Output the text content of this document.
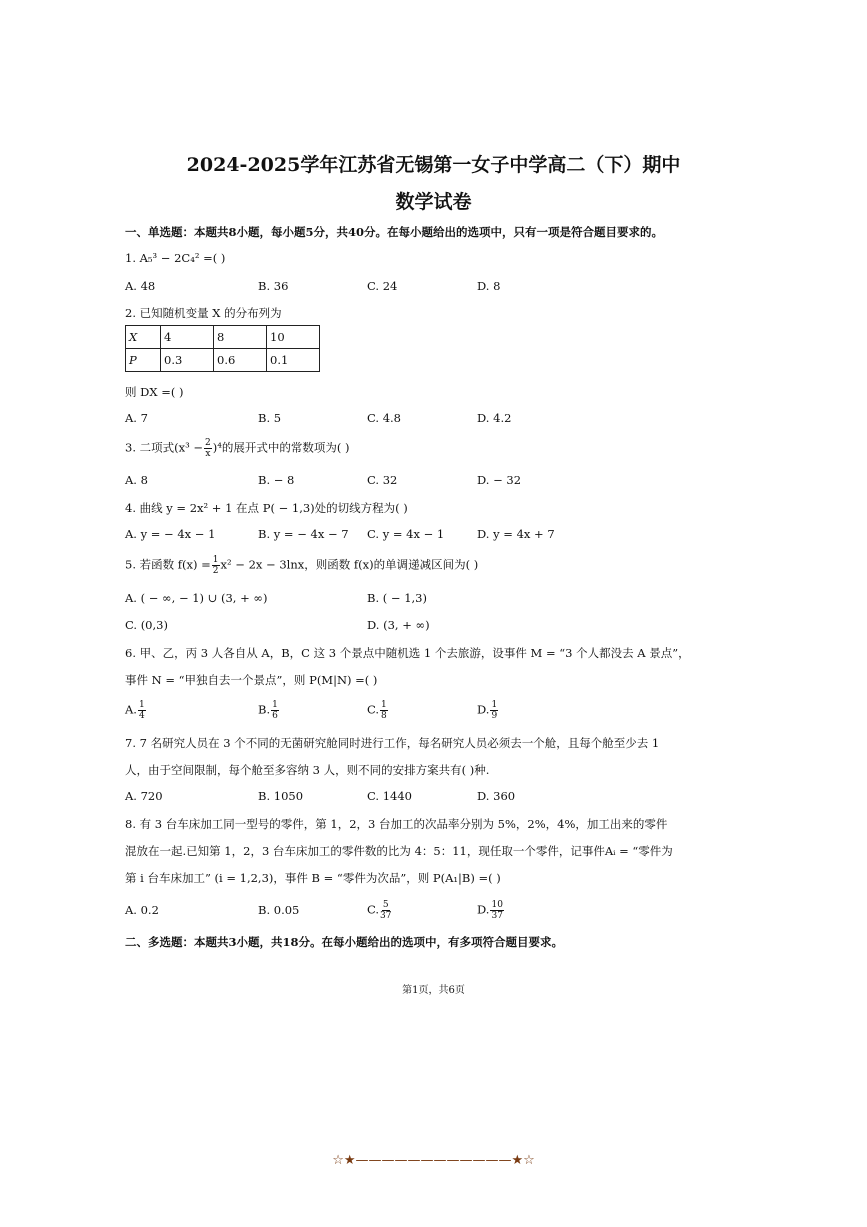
2024-2025学年江苏省无锡第一女子中学高二（下）期中
数学试卷
一、单选题：本题共8小题，每小题5分，共40分。在每小题给出的选项中，只有一项是符合题目要求的。
1. A₅³ − 2C₄² =( )
A. 48	B. 36	C. 24	D. 8
2. 已知随机变量 X 的分布列为
X	4	8	10
P	0.3	0.6	0.1
则 DX =( )
A. 7	B. 5	C. 4.8	D. 4.2
3. 二项式$(x^3 - \frac{2}{x} )^4$的展开式中的常数项为( )
A. 8	B. − 8	C. 32	D. − 32
4. 曲线 y = 2x² + 1 在点 P( − 1,3)处的切线方程为( )
A. y = − 4x − 1	B. y = − 4x − 7 C. y = 4x − 1	D. y = 4x + 7
5. 若函数 $f(x) = \frac{1}{2} x^2 - 2x - 3\ln x$，则函数 f(x)的单调递减区间为( )
A. ( − ∞, − 1) ∪ (3, + ∞)	B. ( − 1,3)
C. (0,3)	D. (3, + ∞)
6. 甲、乙，丙 3 人各自从 A，B，C 这 3 个景点中随机选 1 个去旅游，设事件 M = “3 个人都没去 A 景点”，
事件 N = “甲独自去一个景点”，则 P(M|N) =( )
A. $\frac{1}{4}$	B. $\frac{1}{6}$	C. $\frac{1}{8}$	D. $\frac{1}{9}$
7. 7 名研究人员在 3 个不同的无菌研究舱同时进行工作，每名研究人员必须去一个舱，且每个舱至少去 1
人，由于空间限制，每个舱至多容纳 3 人，则不同的安排方案共有( )种.
A. 720	B. 1050	C. 1440	D. 360
8. 有 3 台车床加工同一型号的零件，第 1，2，3 台加工的次品率分别为 5%，2%，4%，加工出来的零件
混放在一起.已知第 1，2，3 台车床加工的零件数的比为 4：5：11，现任取一个零件，记事件Aᵢ = “零件为
第 i 台车床加工” (i = 1,2,3)，事件 B = “零件为次品”，则 P(A₁|B) =( )
A. 0.2	B. 0.05	C. $\frac{5}{37}$	D. $\frac{10}{37}$
二、多选题：本题共3小题，共18分。在每小题给出的选项中，有多项符合题目要求。
第1页，共6页
☆★————————————★☆
